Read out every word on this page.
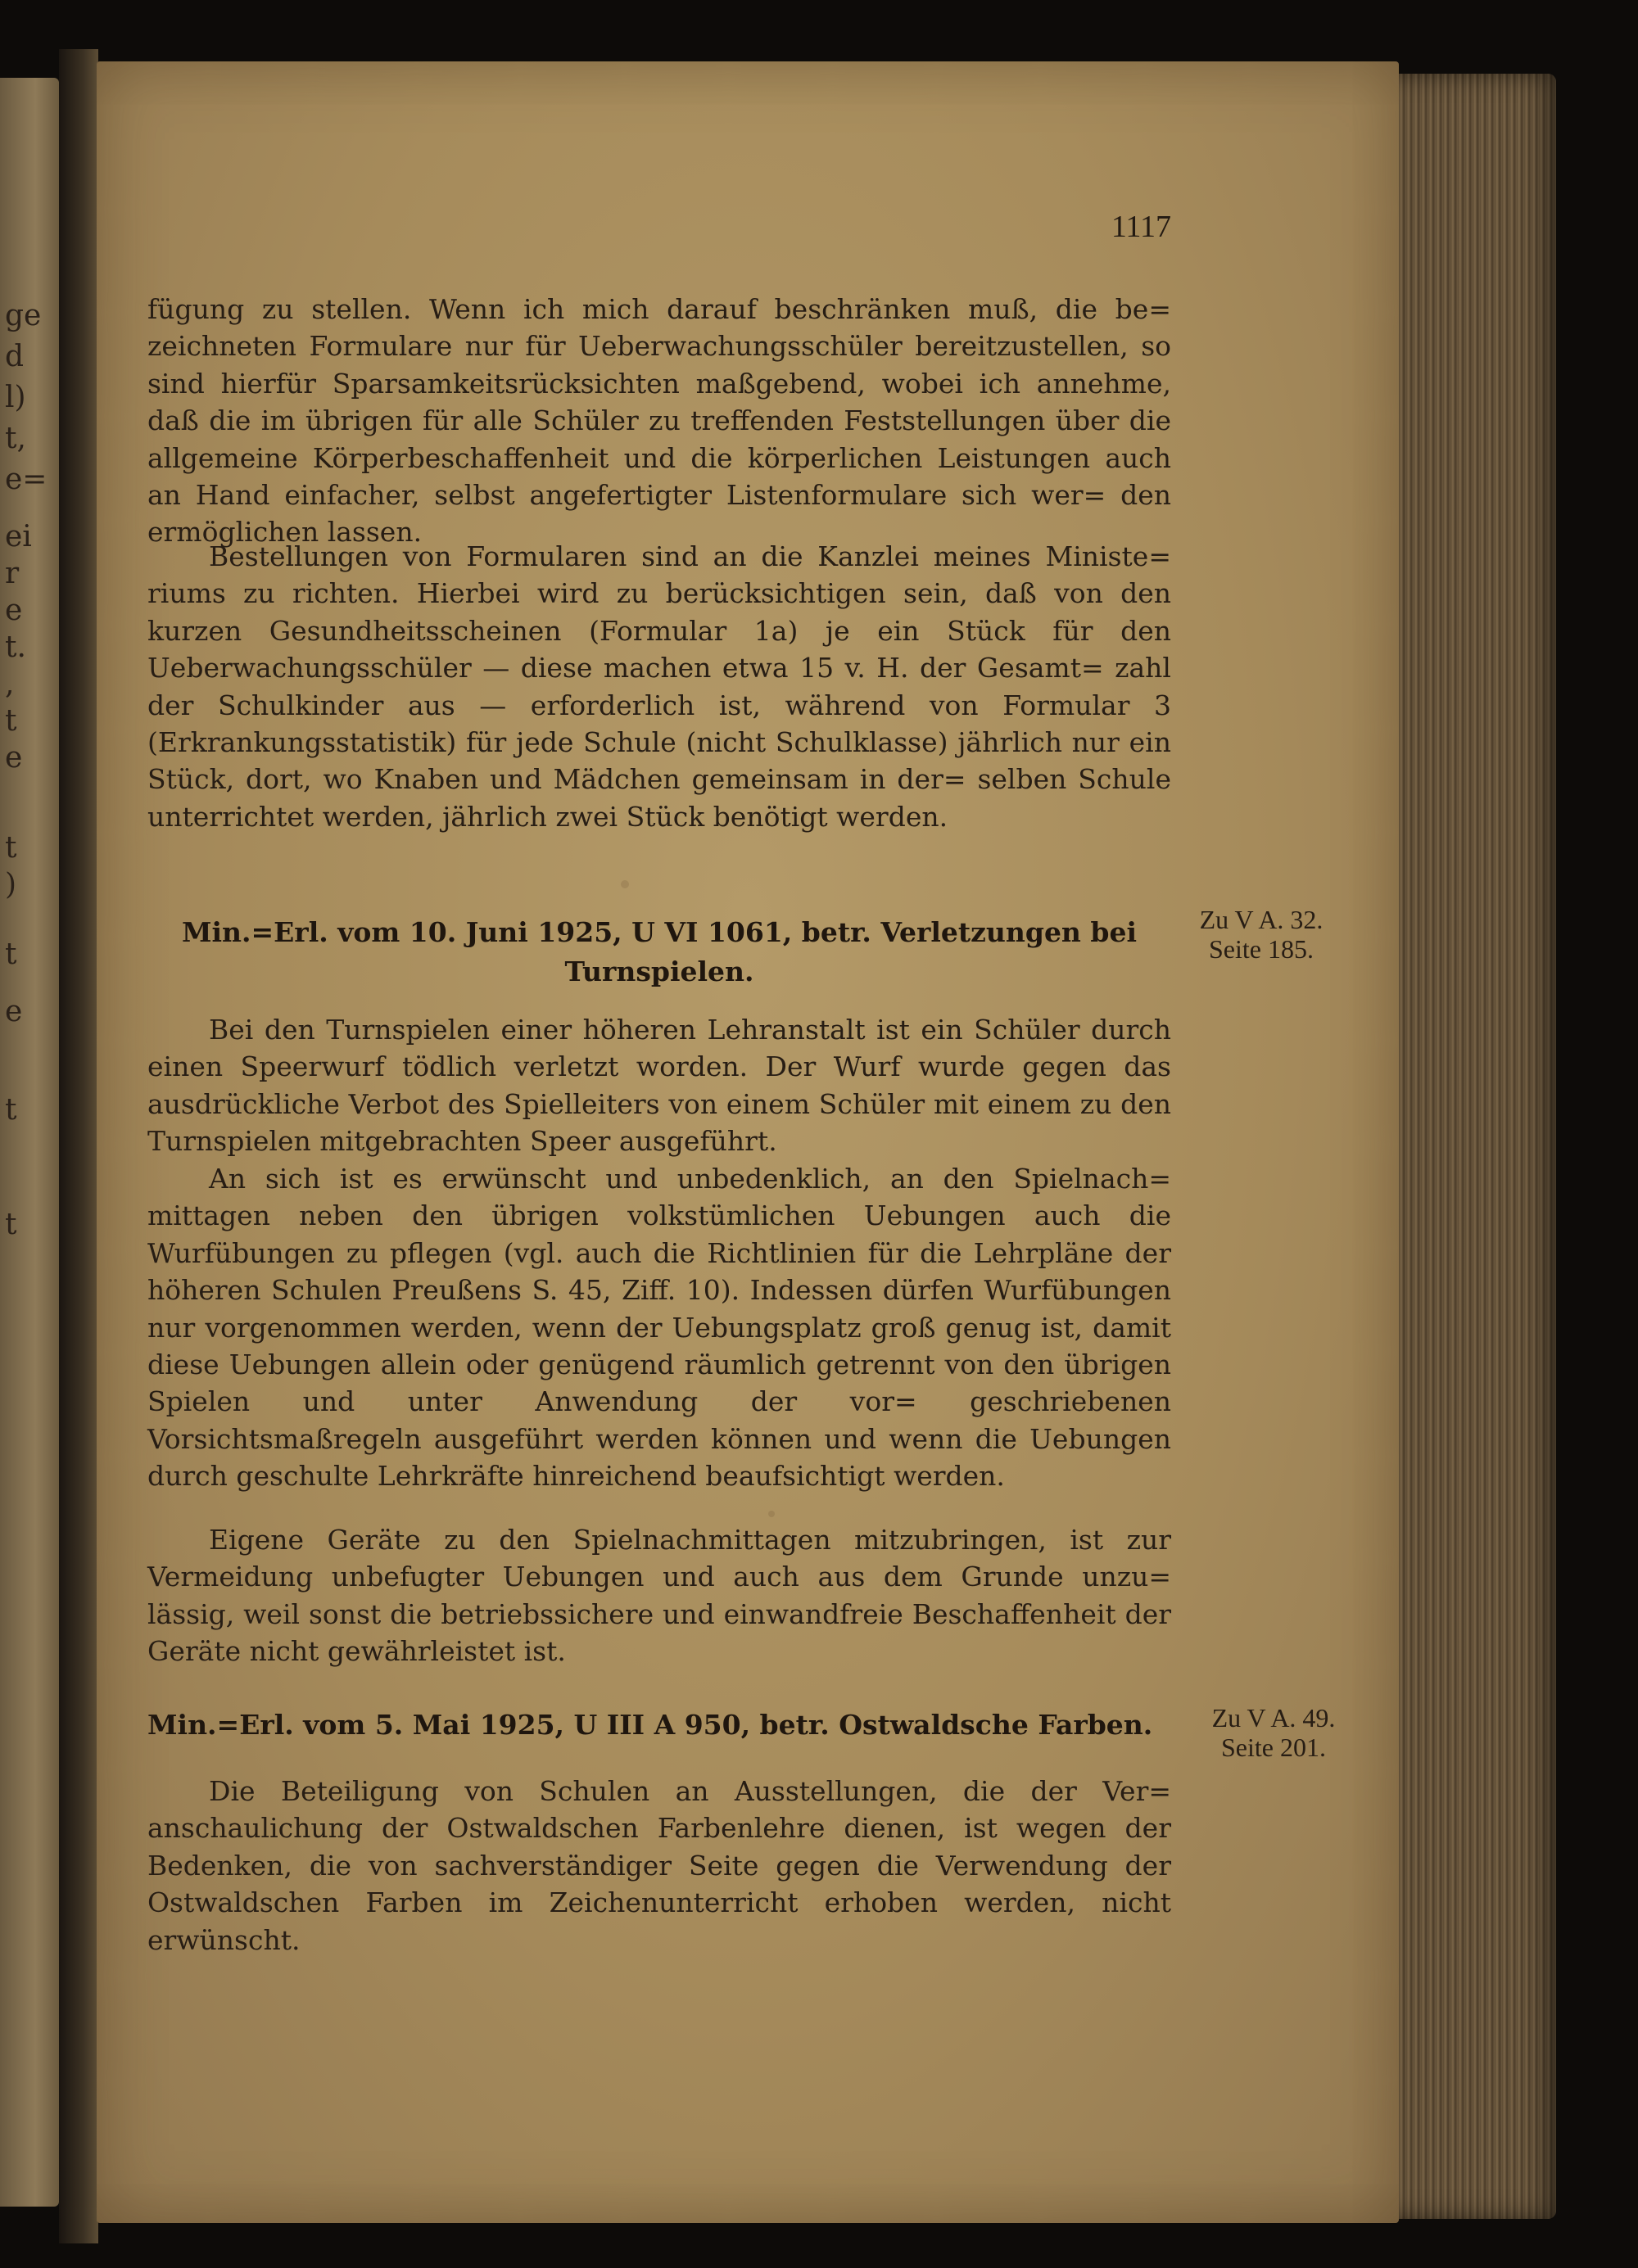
ge
d
l)
t,
e=
ei
r
e
t.
,
t
e
t
)
t
e
t
t
1117

fügung zu stellen. Wenn ich mich darauf beschränken muß, die be= zeichneten Formulare nur für Ueberwachungsschüler bereitzustellen, so sind hierfür Sparsamkeitsrücksichten maßgebend, wobei ich annehme, daß die im übrigen für alle Schüler zu treffenden Feststellungen über die allgemeine Körperbeschaffenheit und die körperlichen Leistungen auch an Hand einfacher, selbst angefertigter Listenformulare sich wer= den ermöglichen lassen.

Bestellungen von Formularen sind an die Kanzlei meines Ministe= riums zu richten. Hierbei wird zu berücksichtigen sein, daß von den kurzen Gesundheitsscheinen (Formular 1a) je ein Stück für den Ueberwachungsschüler — diese machen etwa 15 v. H. der Gesamt= zahl der Schulkinder aus — erforderlich ist, während von Formular 3 (Erkrankungsstatistik) für jede Schule (nicht Schulklasse) jährlich nur ein Stück, dort, wo Knaben und Mädchen gemeinsam in der= selben Schule unterrichtet werden, jährlich zwei Stück benötigt werden.

Min.=Erl. vom 10. Juni 1925, U VI 1061, betr. Verletzungen bei Turnspielen.
Zu V A. 32.
Seite 185.

Bei den Turnspielen einer höheren Lehranstalt ist ein Schüler durch einen Speerwurf tödlich verletzt worden. Der Wurf wurde gegen das ausdrückliche Verbot des Spielleiters von einem Schüler mit einem zu den Turnspielen mitgebrachten Speer ausgeführt.

An sich ist es erwünscht und unbedenklich, an den Spielnach= mittagen neben den übrigen volkstümlichen Uebungen auch die Wurfübungen zu pflegen (vgl. auch die Richtlinien für die Lehrpläne der höheren Schulen Preußens S. 45, Ziff. 10). Indessen dürfen Wurfübungen nur vorgenommen werden, wenn der Uebungsplatz groß genug ist, damit diese Uebungen allein oder genügend räumlich getrennt von den übrigen Spielen und unter Anwendung der vor= geschriebenen Vorsichtsmaßregeln ausgeführt werden können und wenn die Uebungen durch geschulte Lehrkräfte hinreichend beaufsichtigt werden.

Eigene Geräte zu den Spielnachmittagen mitzubringen, ist zur Vermeidung unbefugter Uebungen und auch aus dem Grunde unzu= lässig, weil sonst die betriebssichere und einwandfreie Beschaffenheit der Geräte nicht gewährleistet ist.

Min.=Erl. vom 5. Mai 1925, U III A 950, betr. Ostwaldsche Farben.	Zu V A. 49.
Seite 201.

Die Beteiligung von Schulen an Ausstellungen, die der Ver= anschaulichung der Ostwaldschen Farbenlehre dienen, ist wegen der Bedenken, die von sachverständiger Seite gegen die Verwendung der Ostwaldschen Farben im Zeichenunterricht erhoben werden, nicht erwünscht.
